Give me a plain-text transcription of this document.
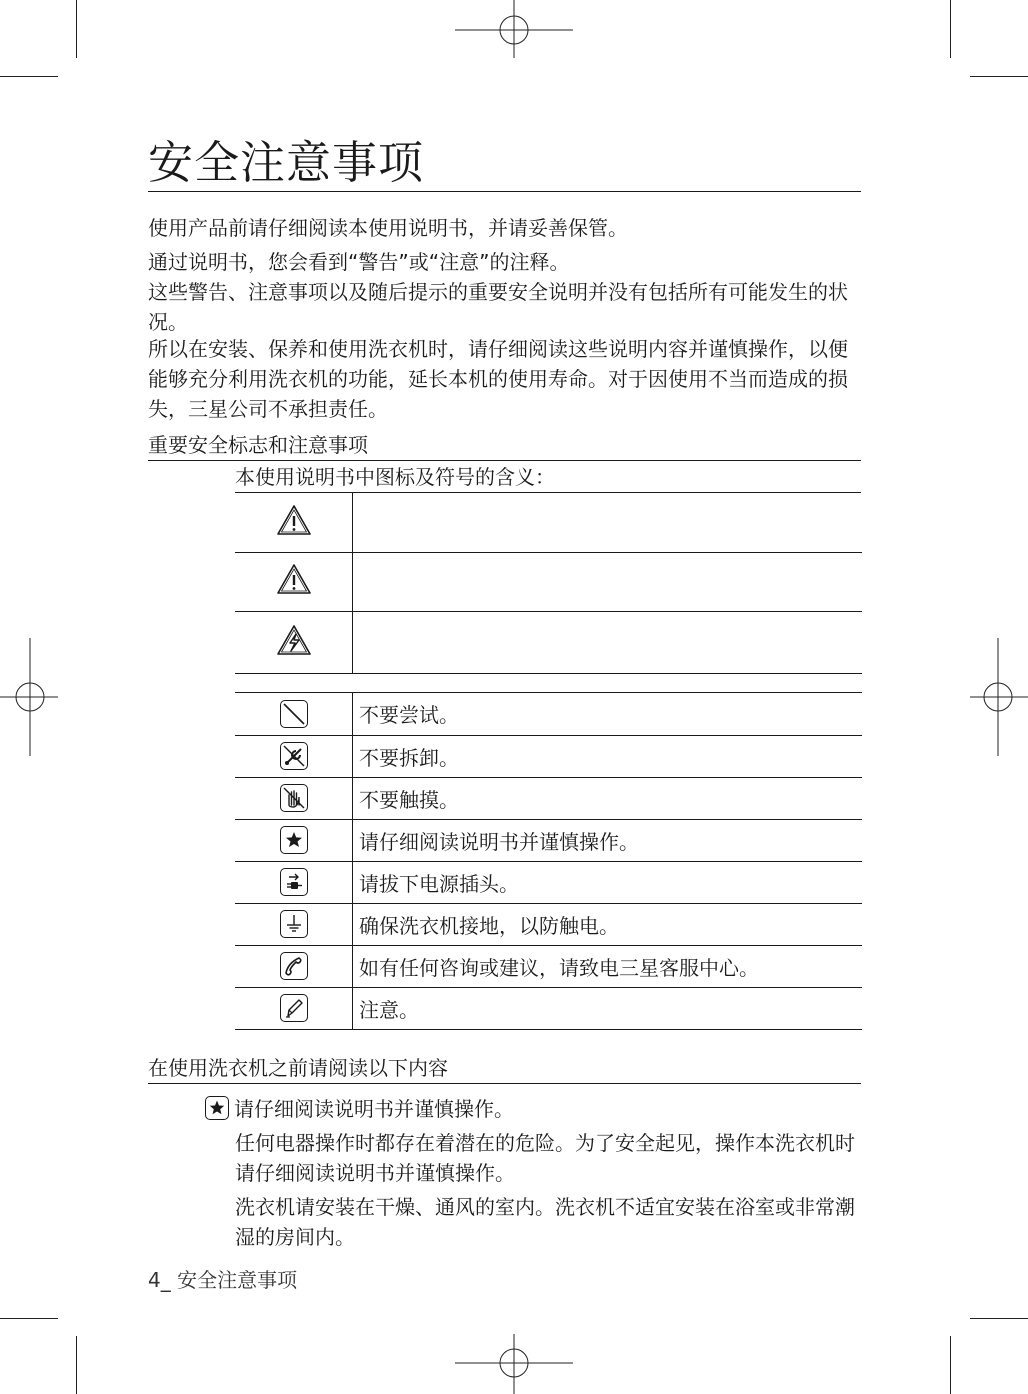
安全注意事项

使用产品前请仔细阅读本使用说明书，并请妥善保管。

通过说明书，您会看到“警告”或“注意”的注释。

这些警告、注意事项以及随后提示的重要安全说明并没有包括所有可能发生的状况。

所以在安装、保养和使用洗衣机时，请仔细阅读这些说明内容并谨慎操作，以便能够充分利用洗衣机的功能，延长本机的使用寿命。对于因使用不当而造成的损失，三星公司不承担责任。

重要安全标志和注意事项
本使用说明书中图标及符号的含义：

	不要尝试。

	不要拆卸。

	不要触摸。

	请仔细阅读说明书并谨慎操作。

	请拔下电源插头。

	确保洗衣机接地，以防触电。

	如有任何咨询或建议，请致电三星客服中心。

	注意。
在使用洗衣机之前请阅读以下内容
请仔细阅读说明书并谨慎操作。

任何电器操作时都存在着潜在的危险。为了安全起见，操作本洗衣机时请仔细阅读说明书并谨慎操作。

洗衣机请安装在干燥、通风的室内。洗衣机不适宜安装在浴室或非常潮湿的房间内。

4_ 安全注意事项
